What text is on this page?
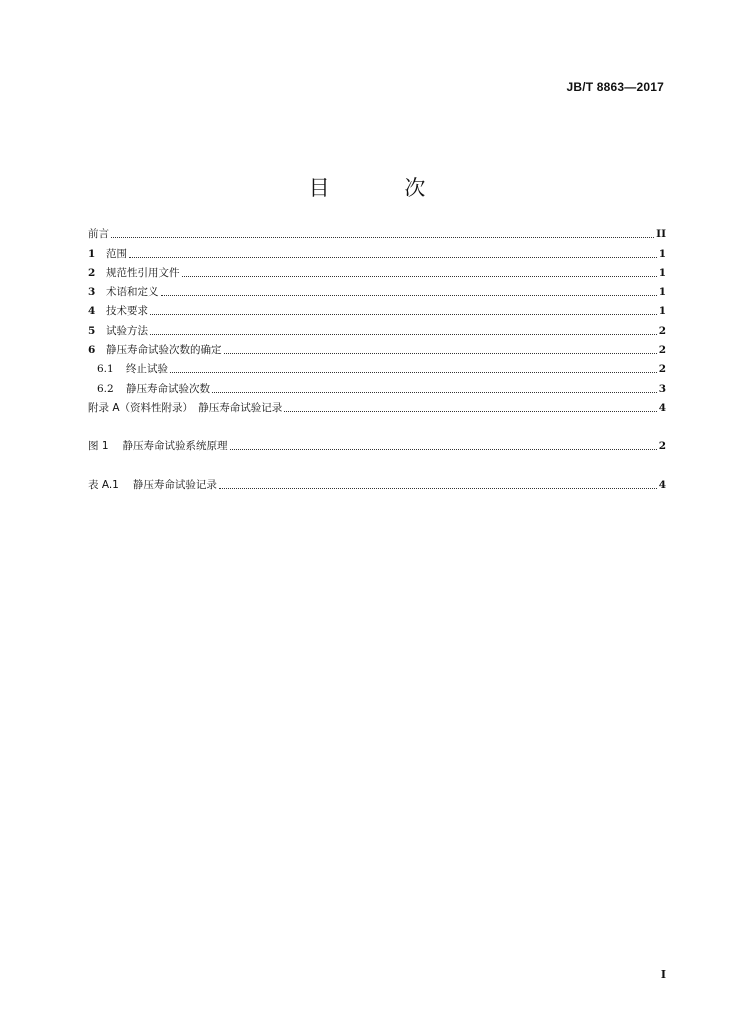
JB/T 8863—2017
目 次
前言	II
1	范围	1
2	规范性引用文件	1
3	术语和定义	1
4	技术要求	1
5	试验方法	2
6	静压寿命试验次数的确定	2
6.1	终止试验	2
6.2	静压寿命试验次数	3
附录 A（资料性附录）　静压寿命试验记录	4
图 1 静压寿命试验系统原理	2
表 A.1 静压寿命试验记录	4
I
